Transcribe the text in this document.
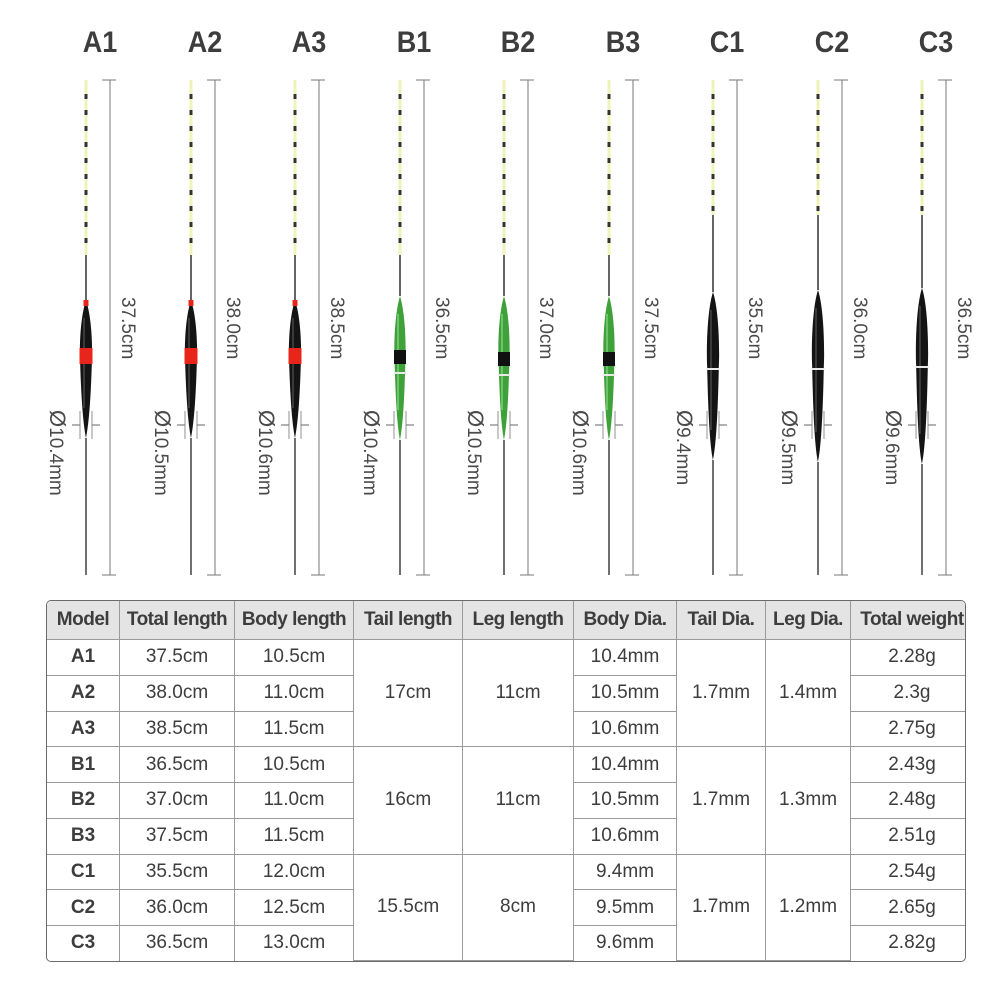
A1
37.5cm
Ø10.4mm
A2
38.0cm
Ø10.5mm
A3
38.5cm
Ø10.6mm
B1
36.5cm
Ø10.4mm
B2
37.0cm
Ø10.5mm
B3
37.5cm
Ø10.6mm
C1
35.5cm
Ø9.4mm
C2
36.0cm
Ø9.5mm
C3
36.5cm
Ø9.6mm
Model	Total length	Body length	Tail length	Leg length	Body Dia.	Tail Dia.	Leg Dia.	Total weight
A1	37.5cm	10.5cm	17cm	11cm	10.4mm	1.7mm	1.4mm	2.28g
A2	38.0cm	11.0cm			10.5mm			2.3g
A3	38.5cm	11.5cm			10.6mm			2.75g
B1	36.5cm	10.5cm	16cm	11cm	10.4mm	1.7mm	1.3mm	2.43g
B2	37.0cm	11.0cm			10.5mm			2.48g
B3	37.5cm	11.5cm			10.6mm			2.51g
C1	35.5cm	12.0cm	15.5cm	8cm	9.4mm	1.7mm	1.2mm	2.54g
C2	36.0cm	12.5cm			9.5mm			2.65g
C3	36.5cm	13.0cm			9.6mm			2.82g
